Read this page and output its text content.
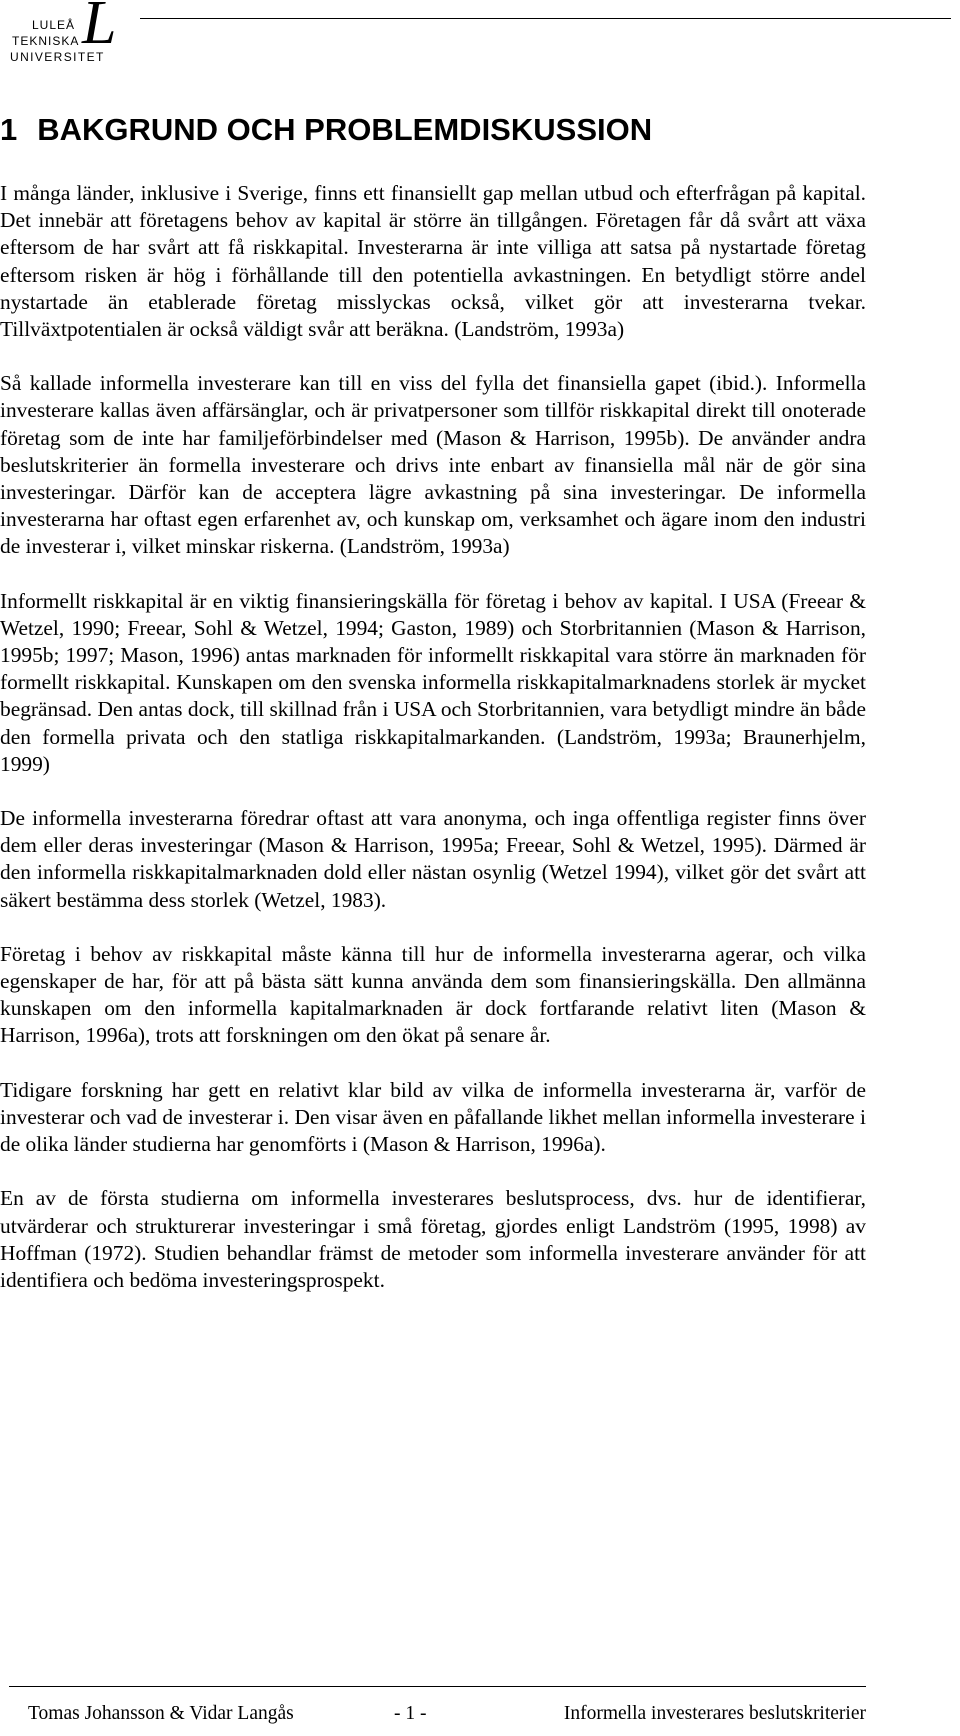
LULEÅ
TEKNISKA
UNIVERSITET
L
1 BAKGRUND OCH PROBLEMDISKUSSION

I många länder, inklusive i Sverige, finns ett finansiellt gap mellan utbud och efterfrågan på kapital. Det innebär att företagens behov av kapital är större än tillgången. Företagen får då svårt att växa eftersom de har svårt att få riskkapital. Investerarna är inte villiga att satsa på nystartade företag eftersom risken är hög i förhållande till den potentiella avkastningen. En betydligt större andel nystartade än etablerade företag misslyckas också, vilket gör att investerarna tvekar. Tillväxtpotentialen är också väldigt svår att beräkna. (Landström, 1993a)

Så kallade informella investerare kan till en viss del fylla det finansiella gapet (ibid.). Informella investerare kallas även affärsänglar, och är privatpersoner som tillför riskkapital direkt till onoterade företag som de inte har familjeförbindelser med (Mason & Harrison, 1995b). De använder andra beslutskriterier än formella investerare och drivs inte enbart av finansiella mål när de gör sina investeringar. Därför kan de acceptera lägre avkastning på sina investeringar. De informella investerarna har oftast egen erfarenhet av, och kunskap om, verksamhet och ägare inom den industri de investerar i, vilket minskar riskerna. (Landström, 1993a)

Informellt riskkapital är en viktig finansieringskälla för företag i behov av kapital. I USA (Freear & Wetzel, 1990; Freear, Sohl & Wetzel, 1994; Gaston, 1989) och Storbritannien (Mason & Harrison, 1995b; 1997; Mason, 1996) antas marknaden för informellt riskkapital vara större än marknaden för formellt riskkapital. Kunskapen om den svenska informella riskkapitalmarknadens storlek är mycket begränsad. Den antas dock, till skillnad från i USA och Storbritannien, vara betydligt mindre än både den formella privata och den statliga riskkapitalmarkanden. (Landström, 1993a; Braunerhjelm, 1999)

De informella investerarna föredrar oftast att vara anonyma, och inga offentliga register finns över dem eller deras investeringar (Mason & Harrison, 1995a; Freear, Sohl & Wetzel, 1995). Därmed är den informella riskkapitalmarknaden dold eller nästan osynlig (Wetzel 1994), vilket gör det svårt att säkert bestämma dess storlek (Wetzel, 1983).

Företag i behov av riskkapital måste känna till hur de informella investerarna agerar, och vilka egenskaper de har, för att på bästa sätt kunna använda dem som finansieringskälla. Den allmänna kunskapen om den informella kapitalmarknaden är dock fortfarande relativt liten (Mason & Harrison, 1996a), trots att forskningen om den ökat på senare år.

Tidigare forskning har gett en relativt klar bild av vilka de informella investerarna är, varför de investerar och vad de investerar i. Den visar även en påfallande likhet mellan informella investerare i de olika länder studierna har genomförts i (Mason & Harrison, 1996a).

En av de första studierna om informella investerares beslutsprocess, dvs. hur de identifierar, utvärderar och strukturerar investeringar i små företag, gjordes enligt Landström (1995, 1998) av Hoffman (1972). Studien behandlar främst de metoder som informella investerare använder för att identifiera och bedöma investeringsprospekt.

Tomas Johansson & Vidar Langås	- 1 -	Informella investerares beslutskriterier
